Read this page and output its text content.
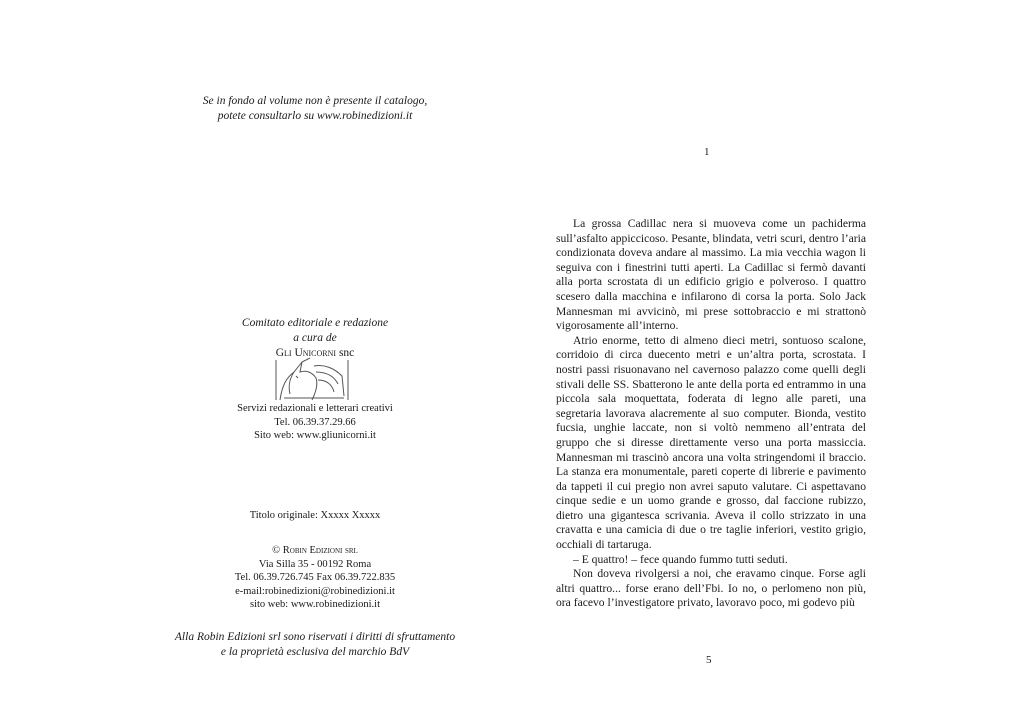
Se in fondo al volume non è presente il catalogo,
potete consultarlo su www.robinedizioni.it
Comitato editoriale e redazione
a cura de
Gli Unicorni snc
Servizi redazionali e letterari creativi
Tel. 06.39.37.29.66
Sito web: www.gliunicorni.it
Titolo originale: Xxxxx Xxxxx
© Robin Edizioni srl
Via Silla 35 - 00192 Roma
Tel. 06.39.726.745 Fax 06.39.722.835
e-mail:robinedizioni@robinedizioni.it
sito web: www.robinedizioni.it
Alla Robin Edizioni srl sono riservati i diritti di sfruttamento
e la proprietà esclusiva del marchio BdV
1

La grossa Cadillac nera si muoveva come un pachiderma sull’asfalto appiccicoso. Pesante, blindata, vetri scuri, dentro l’aria condizionata doveva andare al massimo. La mia vecchia wagon li seguiva con i finestrini tutti aperti. La Cadillac si fermò davanti alla porta scrostata di un edificio grigio e polveroso. I quattro scesero dalla macchina e infilarono di corsa la porta. Solo Jack Mannesman mi avvicinò, mi prese sottobraccio e mi strattonò vigorosamente all’interno.

Atrio enorme, tetto di almeno dieci metri, sontuoso scalone, corridoio di circa duecento metri e un’altra porta, scrostata. I nostri passi risuonavano nel cavernoso palazzo come quelli degli stivali delle SS. Sbatterono le ante della porta ed entrammo in una piccola sala moquettata, foderata di legno alle pareti, una segretaria lavorava alacremente al suo computer. Bionda, vestito fucsia, unghie laccate, non si voltò nemmeno all’entrata del gruppo che si diresse direttamente verso una porta massiccia. Mannesman mi trascinò ancora una volta stringendomi il braccio. La stanza era monumentale, pareti coperte di librerie e pavimento da tappeti il cui pregio non avrei saputo valutare. Ci aspettavano cinque sedie e un uomo grande e grosso, dal faccione rubizzo, dietro una gigantesca scrivania. Aveva il collo strizzato in una cravatta e una camicia di due o tre taglie inferiori, vestito grigio, occhiali di tartaruga.

– E quattro! – fece quando fummo tutti seduti.

Non doveva rivolgersi a noi, che eravamo cinque. Forse agli altri quattro... forse erano dell’Fbi. Io no, o perlomeno non più, ora facevo l’investigatore privato, lavoravo poco, mi godevo più

5
